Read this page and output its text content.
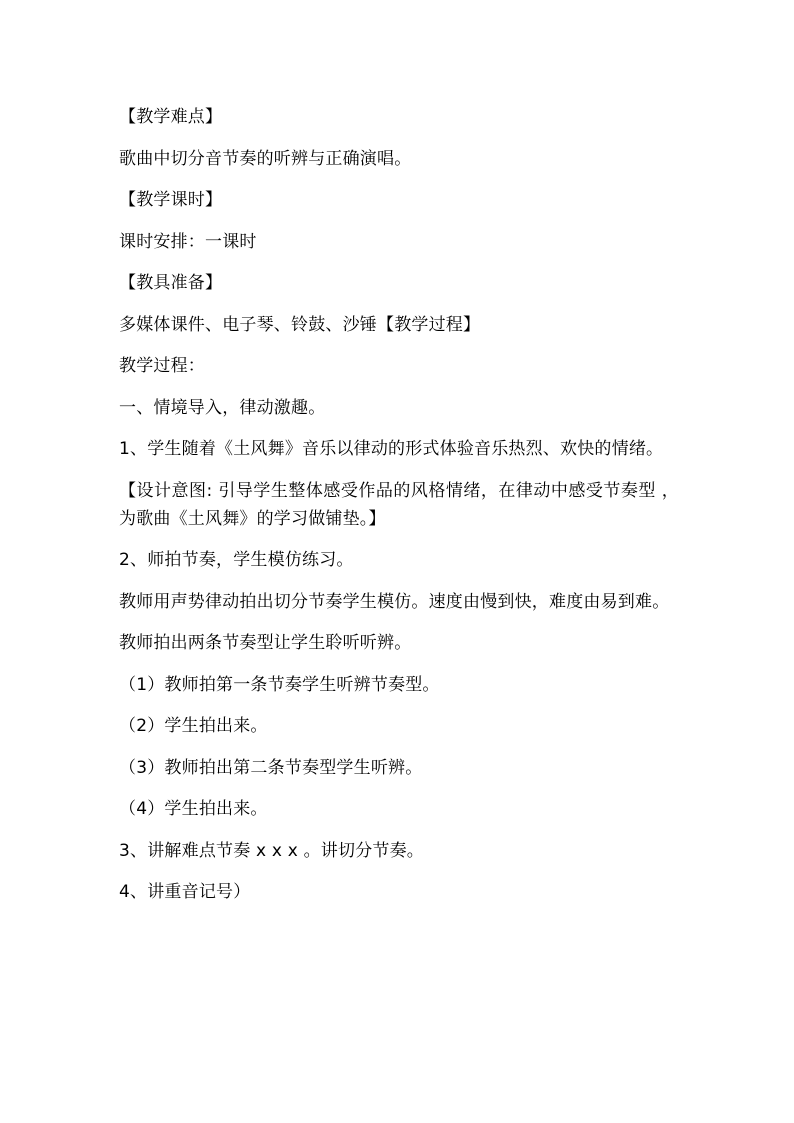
【教学难点】

歌曲中切分音节奏的听辨与正确演唱。

【教学课时】

课时安排：一课时

【教具准备】

多媒体课件、电子琴、铃鼓、沙锤【教学过程】

教学过程：

一、情境导入，律动激趣。

1、学生随着《土风舞》音乐以律动的形式体验音乐热烈、欢快的情绪。

【设计意图: 引导学生整体感受作品的风格情绪，在律动中感受节奏型 ，为歌曲《土风舞》的学习做铺垫。】

2、师拍节奏，学生模仿练习。

教师用声势律动拍出切分节奏学生模仿。速度由慢到快，难度由易到难。

教师拍出两条节奏型让学生聆听听辨。

（1）教师拍第一条节奏学生听辨节奏型。

（2）学生拍出来。

（3）教师拍出第二条节奏型学生听辨。

（4）学生拍出来。

3、讲解难点节奏 x x x 。讲切分节奏。

4、讲重音记号）
